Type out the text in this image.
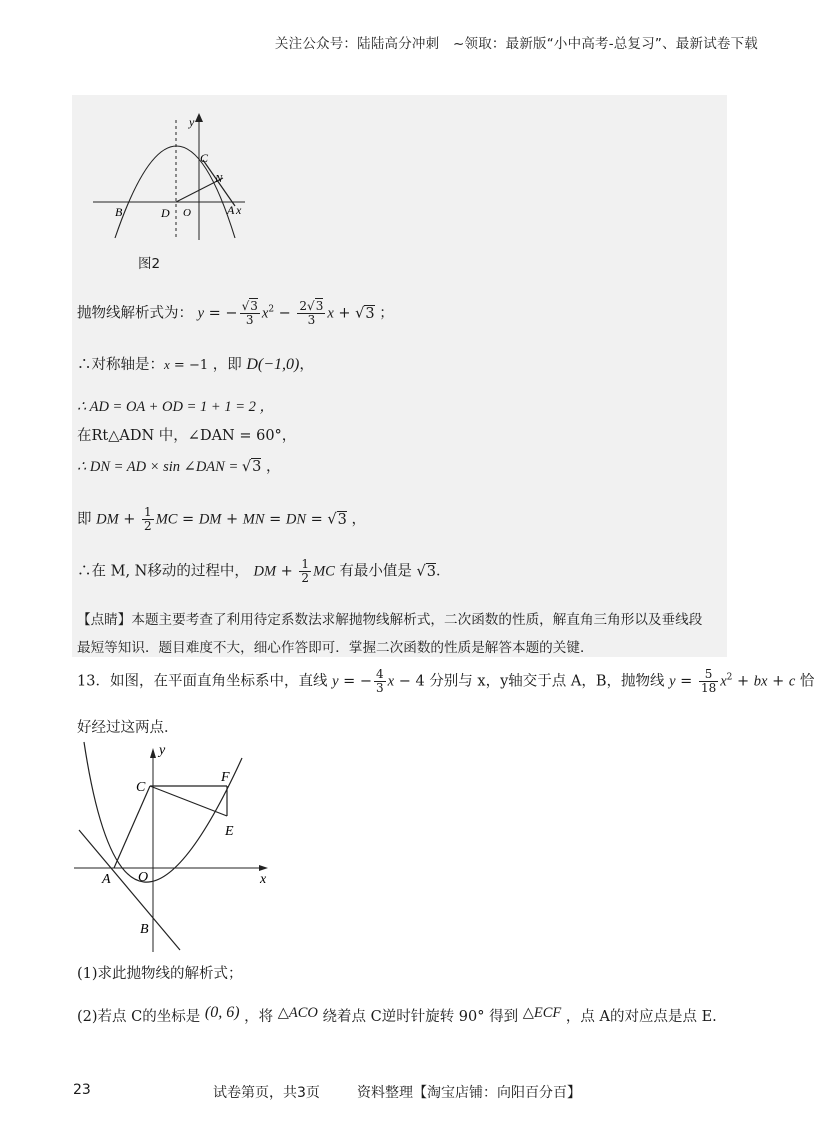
关注公众号：陆陆高分冲刺　~领取：最新版“小中高考-总复习”、最新试卷下载
y
x
B	D O	A
C
N
图2
抛物线解析式为： y = − $\frac{√3}{3} x^2 - \frac{2√3}{3}$ x + √3 ；
∴对称轴是：x = −1 ，即 D(−1,0)，
∴ AD = OA + OD = 1 + 1 = 2 ，
在Rt△ADN 中，∠DAN = 60°，
∴ DN = AD × sin ∠DAN = √3 ，
即 DM + $\frac{1}{2}$ MC = DM + MN = DN = √3 ，
∴在 M, N移动的过程中， DM + $\frac{1}{2}$ MC 有最小值是 √3．
【点睛】本题主要考查了利用待定系数法求解抛物线解析式，二次函数的性质，解直角三角形以及垂线段
最短等知识．题目难度不大，细心作答即可．掌握二次函数的性质是解答本题的关键．
13．如图，在平面直角坐标系中，直线 y = − $\frac{4}{3}$ x − 4 分别与 x，y轴交于点 A，B，抛物线 $y = \frac{5}{18} x^2$ + bx + c 恰
好经过这两点．
y
x
A O
B
C
F
E
(1)求此抛物线的解析式；
(2)若点 C的坐标是 (0, 6) ，将 △ACO 绕着点 C逆时针旋转 90° 得到 △ECF ，点 A的对应点是点 E.
23	试卷第页，共3页	资料整理【淘宝店铺：向阳百分百】
